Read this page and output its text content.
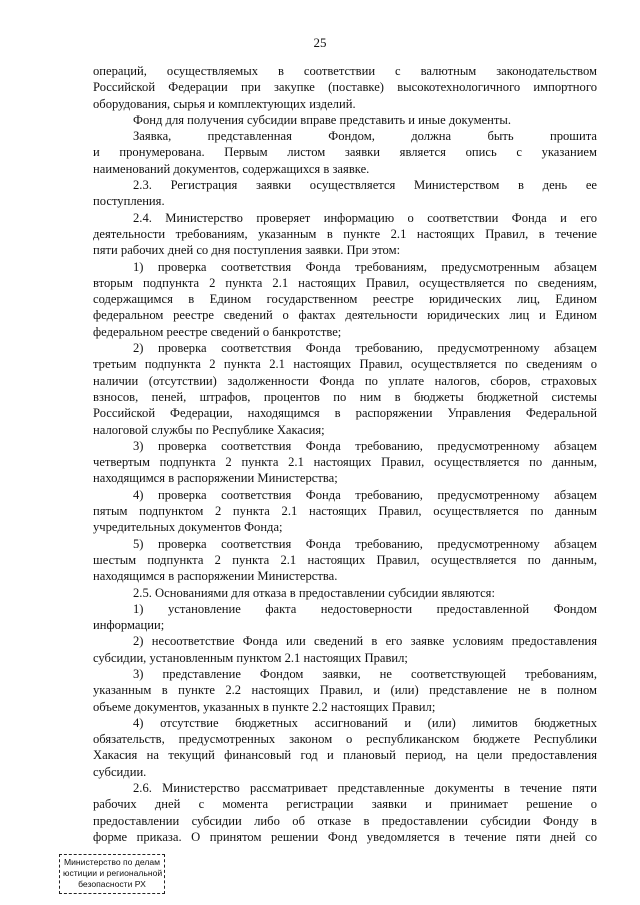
25
операций, осуществляемых в соответствии с валютным законодательством
Российской Федерации при закупке (поставке) высокотехнологичного импортного
оборудования, сырья и комплектующих изделий.
Фонд для получения субсидии вправе представить и иные документы.
Заявка, представленная Фондом, должна быть прошита
и пронумерована. Первым листом заявки является опись с указанием
наименований документов, содержащихся в заявке.
2.3. Регистрация заявки осуществляется Министерством в день ее
поступления.
2.4. Министерство проверяет информацию о соответствии Фонда и его
деятельности требованиям, указанным в пункте 2.1 настоящих Правил, в течение
пяти рабочих дней со дня поступления заявки. При этом:
1) проверка соответствия Фонда требованиям, предусмотренным абзацем
вторым подпункта 2 пункта 2.1 настоящих Правил, осуществляется по сведениям,
содержащимся в Едином государственном реестре юридических лиц, Едином
федеральном реестре сведений о фактах деятельности юридических лиц и Едином
федеральном реестре сведений о банкротстве;
2) проверка соответствия Фонда требованию, предусмотренному абзацем
третьим подпункта 2 пункта 2.1 настоящих Правил, осуществляется по сведениям о
наличии (отсутствии) задолженности Фонда по уплате налогов, сборов, страховых
взносов, пеней, штрафов, процентов по ним в бюджеты бюджетной системы
Российской Федерации, находящимся в распоряжении Управления Федеральной
налоговой службы по Республике Хакасия;
3) проверка соответствия Фонда требованию, предусмотренному абзацем
четвертым подпункта 2 пункта 2.1 настоящих Правил, осуществляется по данным,
находящимся в распоряжении Министерства;
4) проверка соответствия Фонда требованию, предусмотренному абзацем
пятым подпунктом 2 пункта 2.1 настоящих Правил, осуществляется по данным
учредительных документов Фонда;
5) проверка соответствия Фонда требованию, предусмотренному абзацем
шестым подпункта 2 пункта 2.1 настоящих Правил, осуществляется по данным,
находящимся в распоряжении Министерства.
2.5. Основаниями для отказа в предоставлении субсидии являются:
1) установление факта недостоверности предоставленной Фондом
информации;
2) несоответствие Фонда или сведений в его заявке условиям предоставления
субсидии, установленным пунктом 2.1 настоящих Правил;
3) представление Фондом заявки, не соответствующей требованиям,
указанным в пункте 2.2 настоящих Правил, и (или) представление не в полном
объеме документов, указанных в пункте 2.2 настоящих Правил;
4) отсутствие бюджетных ассигнований и (или) лимитов бюджетных
обязательств, предусмотренных законом о республиканском бюджете Республики
Хакасия на текущий финансовый год и плановый период, на цели предоставления
субсидии.
2.6. Министерство рассматривает представленные документы в течение пяти
рабочих дней с момента регистрации заявки и принимает решение о
предоставлении субсидии либо об отказе в предоставлении субсидии Фонду в
форме приказа. О принятом решении Фонд уведомляется в течение пяти дней со
Министерство по делам
юстиции и региональной
безопасности РХ
